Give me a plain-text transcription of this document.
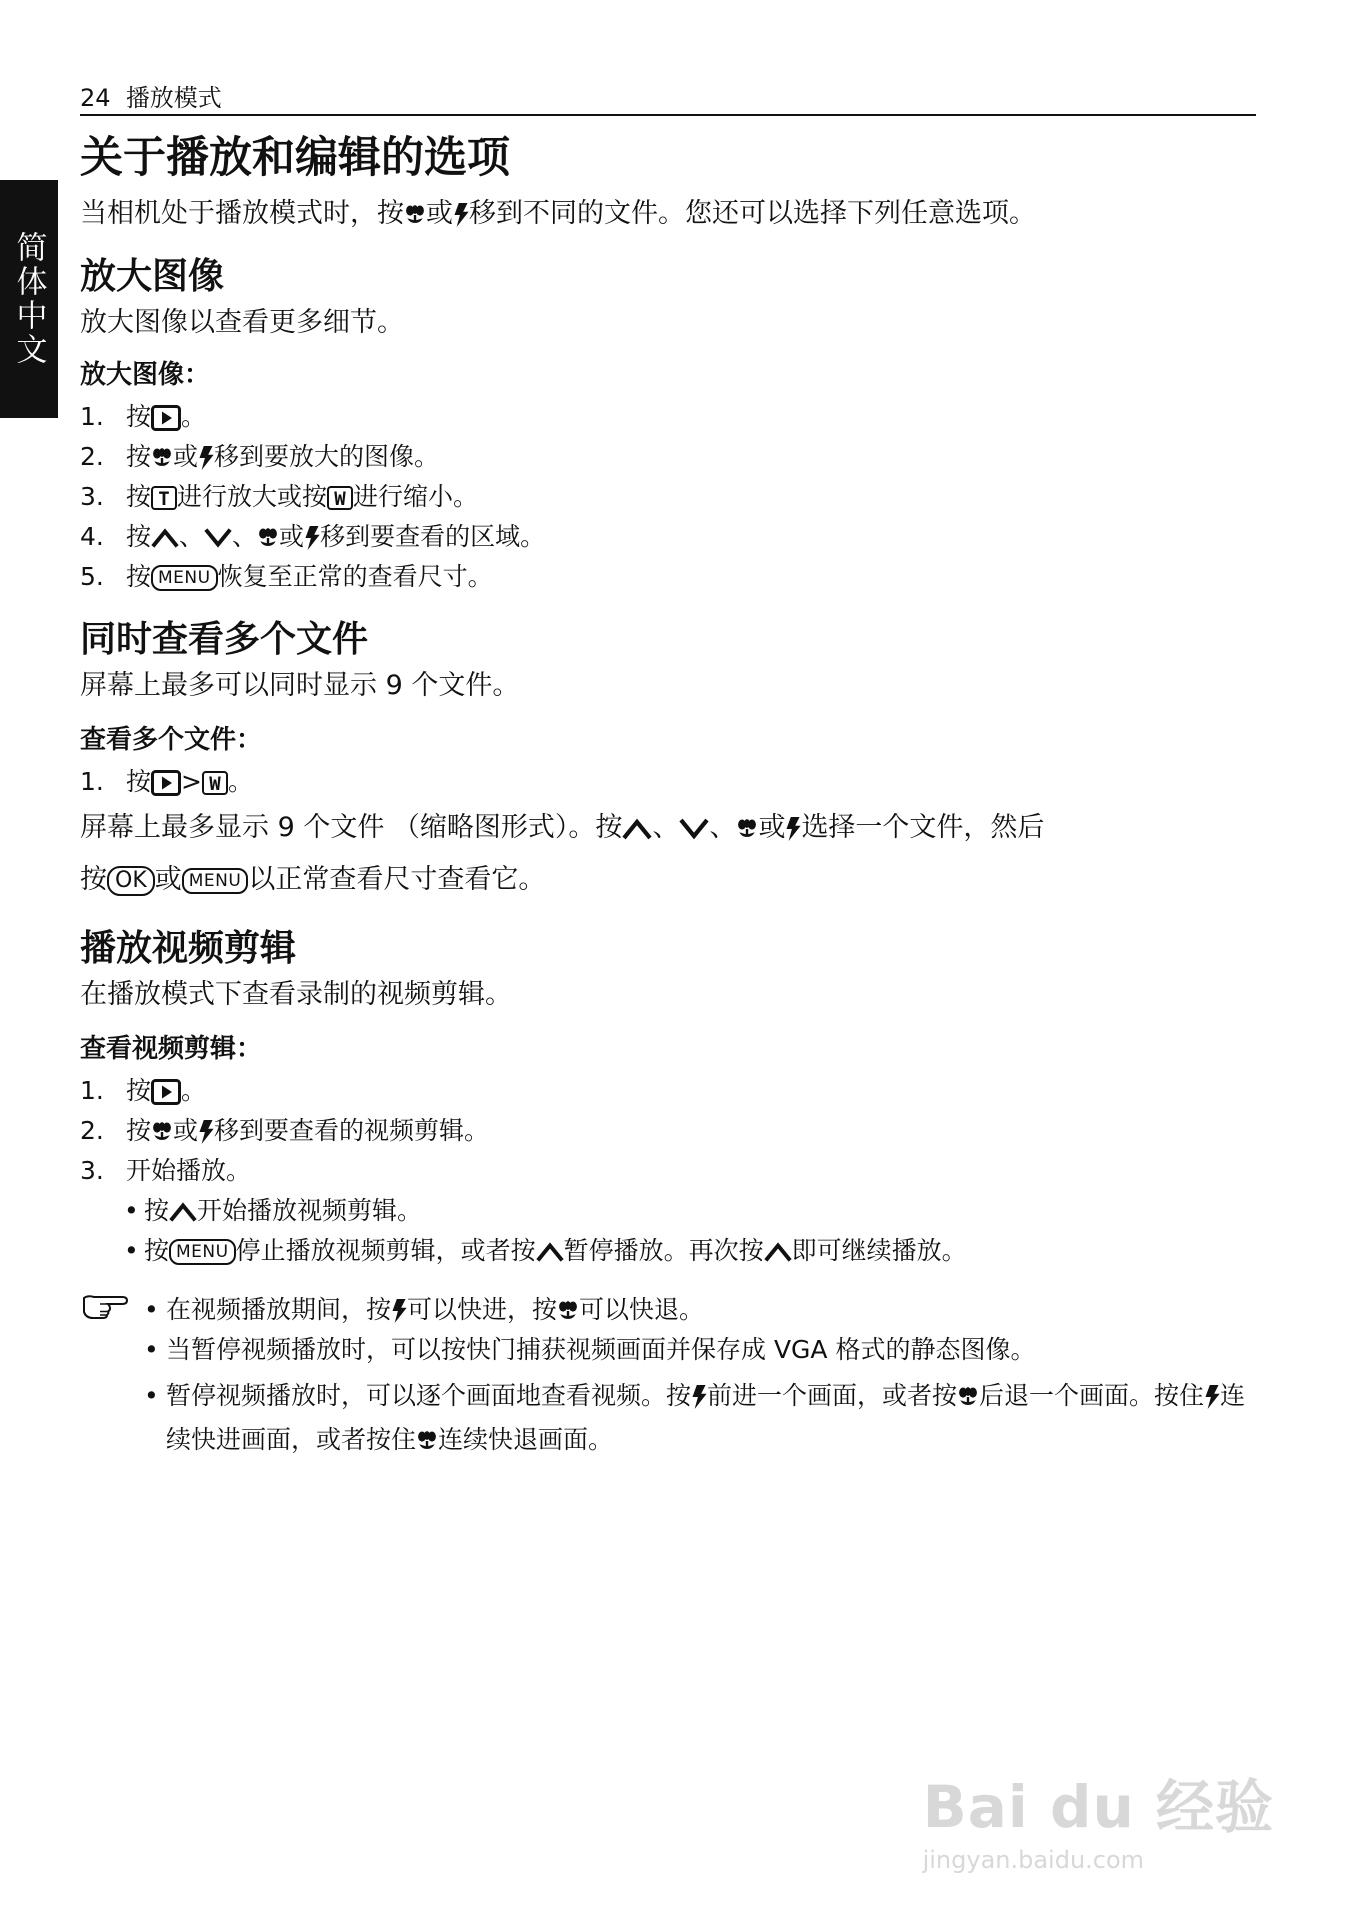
24 播放模式
简体中文
关于播放和编辑的选项
当相机处于播放模式时，按 或 移到不同的文件。您还可以选择下列任意选项。
放大图像
放大图像以查看更多细节。
放大图像：
1. 按 。
2. 按 或 移到要放大的图像。
3. 按 T 进行放大或按 W 进行缩小。
4. 按 、 、 或 移到要查看的区域。
5. 按 MENU 恢复至正常的查看尺寸。
同时查看多个文件
屏幕上最多可以同时显示 9 个文件。
查看多个文件：
1. 按 > W 。
屏幕上最多显示 9 个文件 （缩略图形式）。按 、 、 或 选择一个文件，然后
按 OK 或 MENU 以正常查看尺寸查看它。
播放视频剪辑
在播放模式下查看录制的视频剪辑。
查看视频剪辑：
1. 按 。
2. 按 或 移到要查看的视频剪辑。
3. 开始播放。
• 按 开始播放视频剪辑。
• 按 MENU 停止播放视频剪辑，或者按 暂停播放。再次按 即可继续播放。
• 在视频播放期间，按 可以快进，按 可以快退。
• 当暂停视频播放时，可以按快门捕获视频画面并保存成 VGA 格式的静态图像。
• 暂停视频播放时，可以逐个画面地查看视频。按 前进一个画面，或者按 后退一个画面。按住 连续快进画面，或者按住 连续快退画面。
Bai du 经验
jingyan.baidu.com
